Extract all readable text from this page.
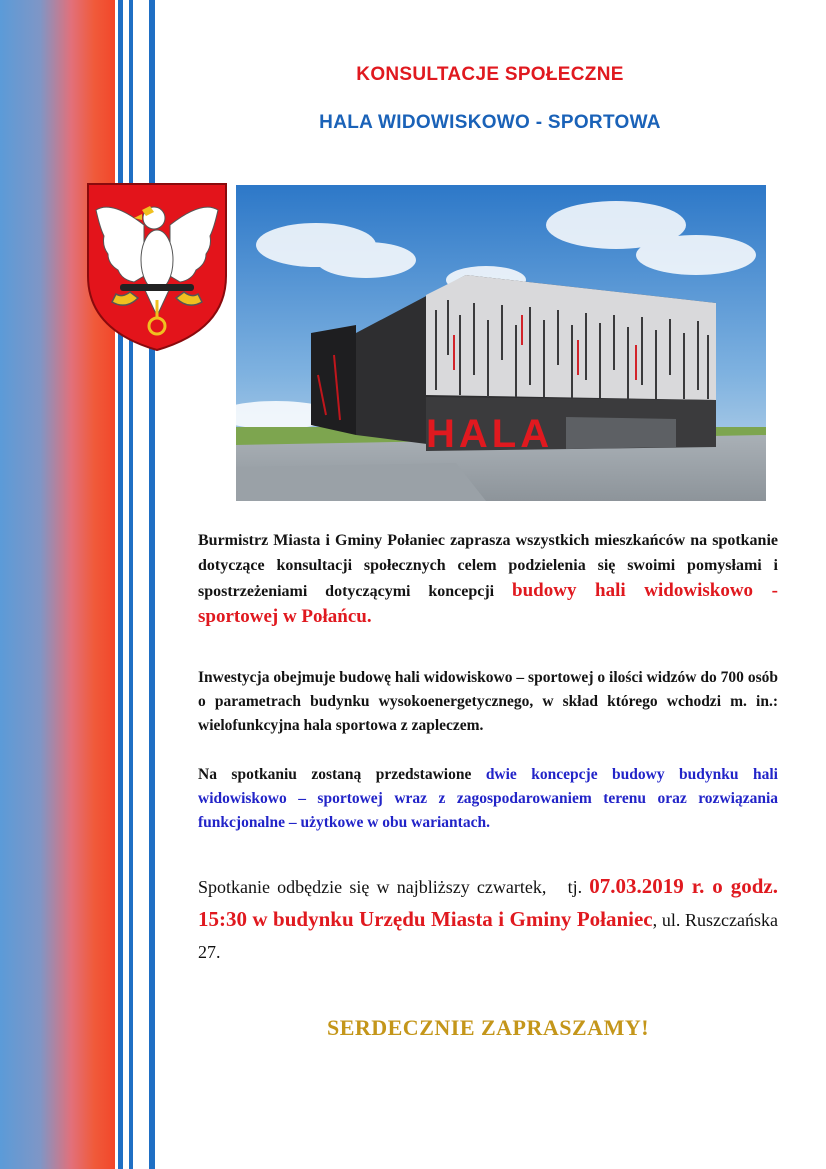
KONSULTACJE SPOŁECZNE
HALA WIDOWISKOWO - SPORTOWA
HALA
Burmistrz Miasta i Gminy Połaniec zaprasza wszystkich mieszkańców na spotkanie dotyczące konsultacji społecznych celem podzielenia się swoimi pomysłami i spostrzeżeniami dotyczącymi koncepcji budowy hali widowiskowo - sportowej w Połańcu.
Inwestycja obejmuje budowę hali widowiskowo – sportowej o ilości widzów do 700 osób o parametrach budynku wysokoenergetycznego, w skład którego wchodzi m. in.: wielofunkcyjna hala sportowa z zapleczem.
Na spotkaniu zostaną przedstawione dwie koncepcje budowy budynku hali widowiskowo – sportowej wraz z zagospodarowaniem terenu oraz rozwiązania funkcjonalne – użytkowe w obu wariantach.
Spotkanie odbędzie się w najbliższy czwartek, tj. 07.03.2019 r. o godz. 15:30 w budynku Urzędu Miasta i Gminy Połaniec, ul. Ruszczańska 27.
SERDECZNIE ZAPRASZAMY!
